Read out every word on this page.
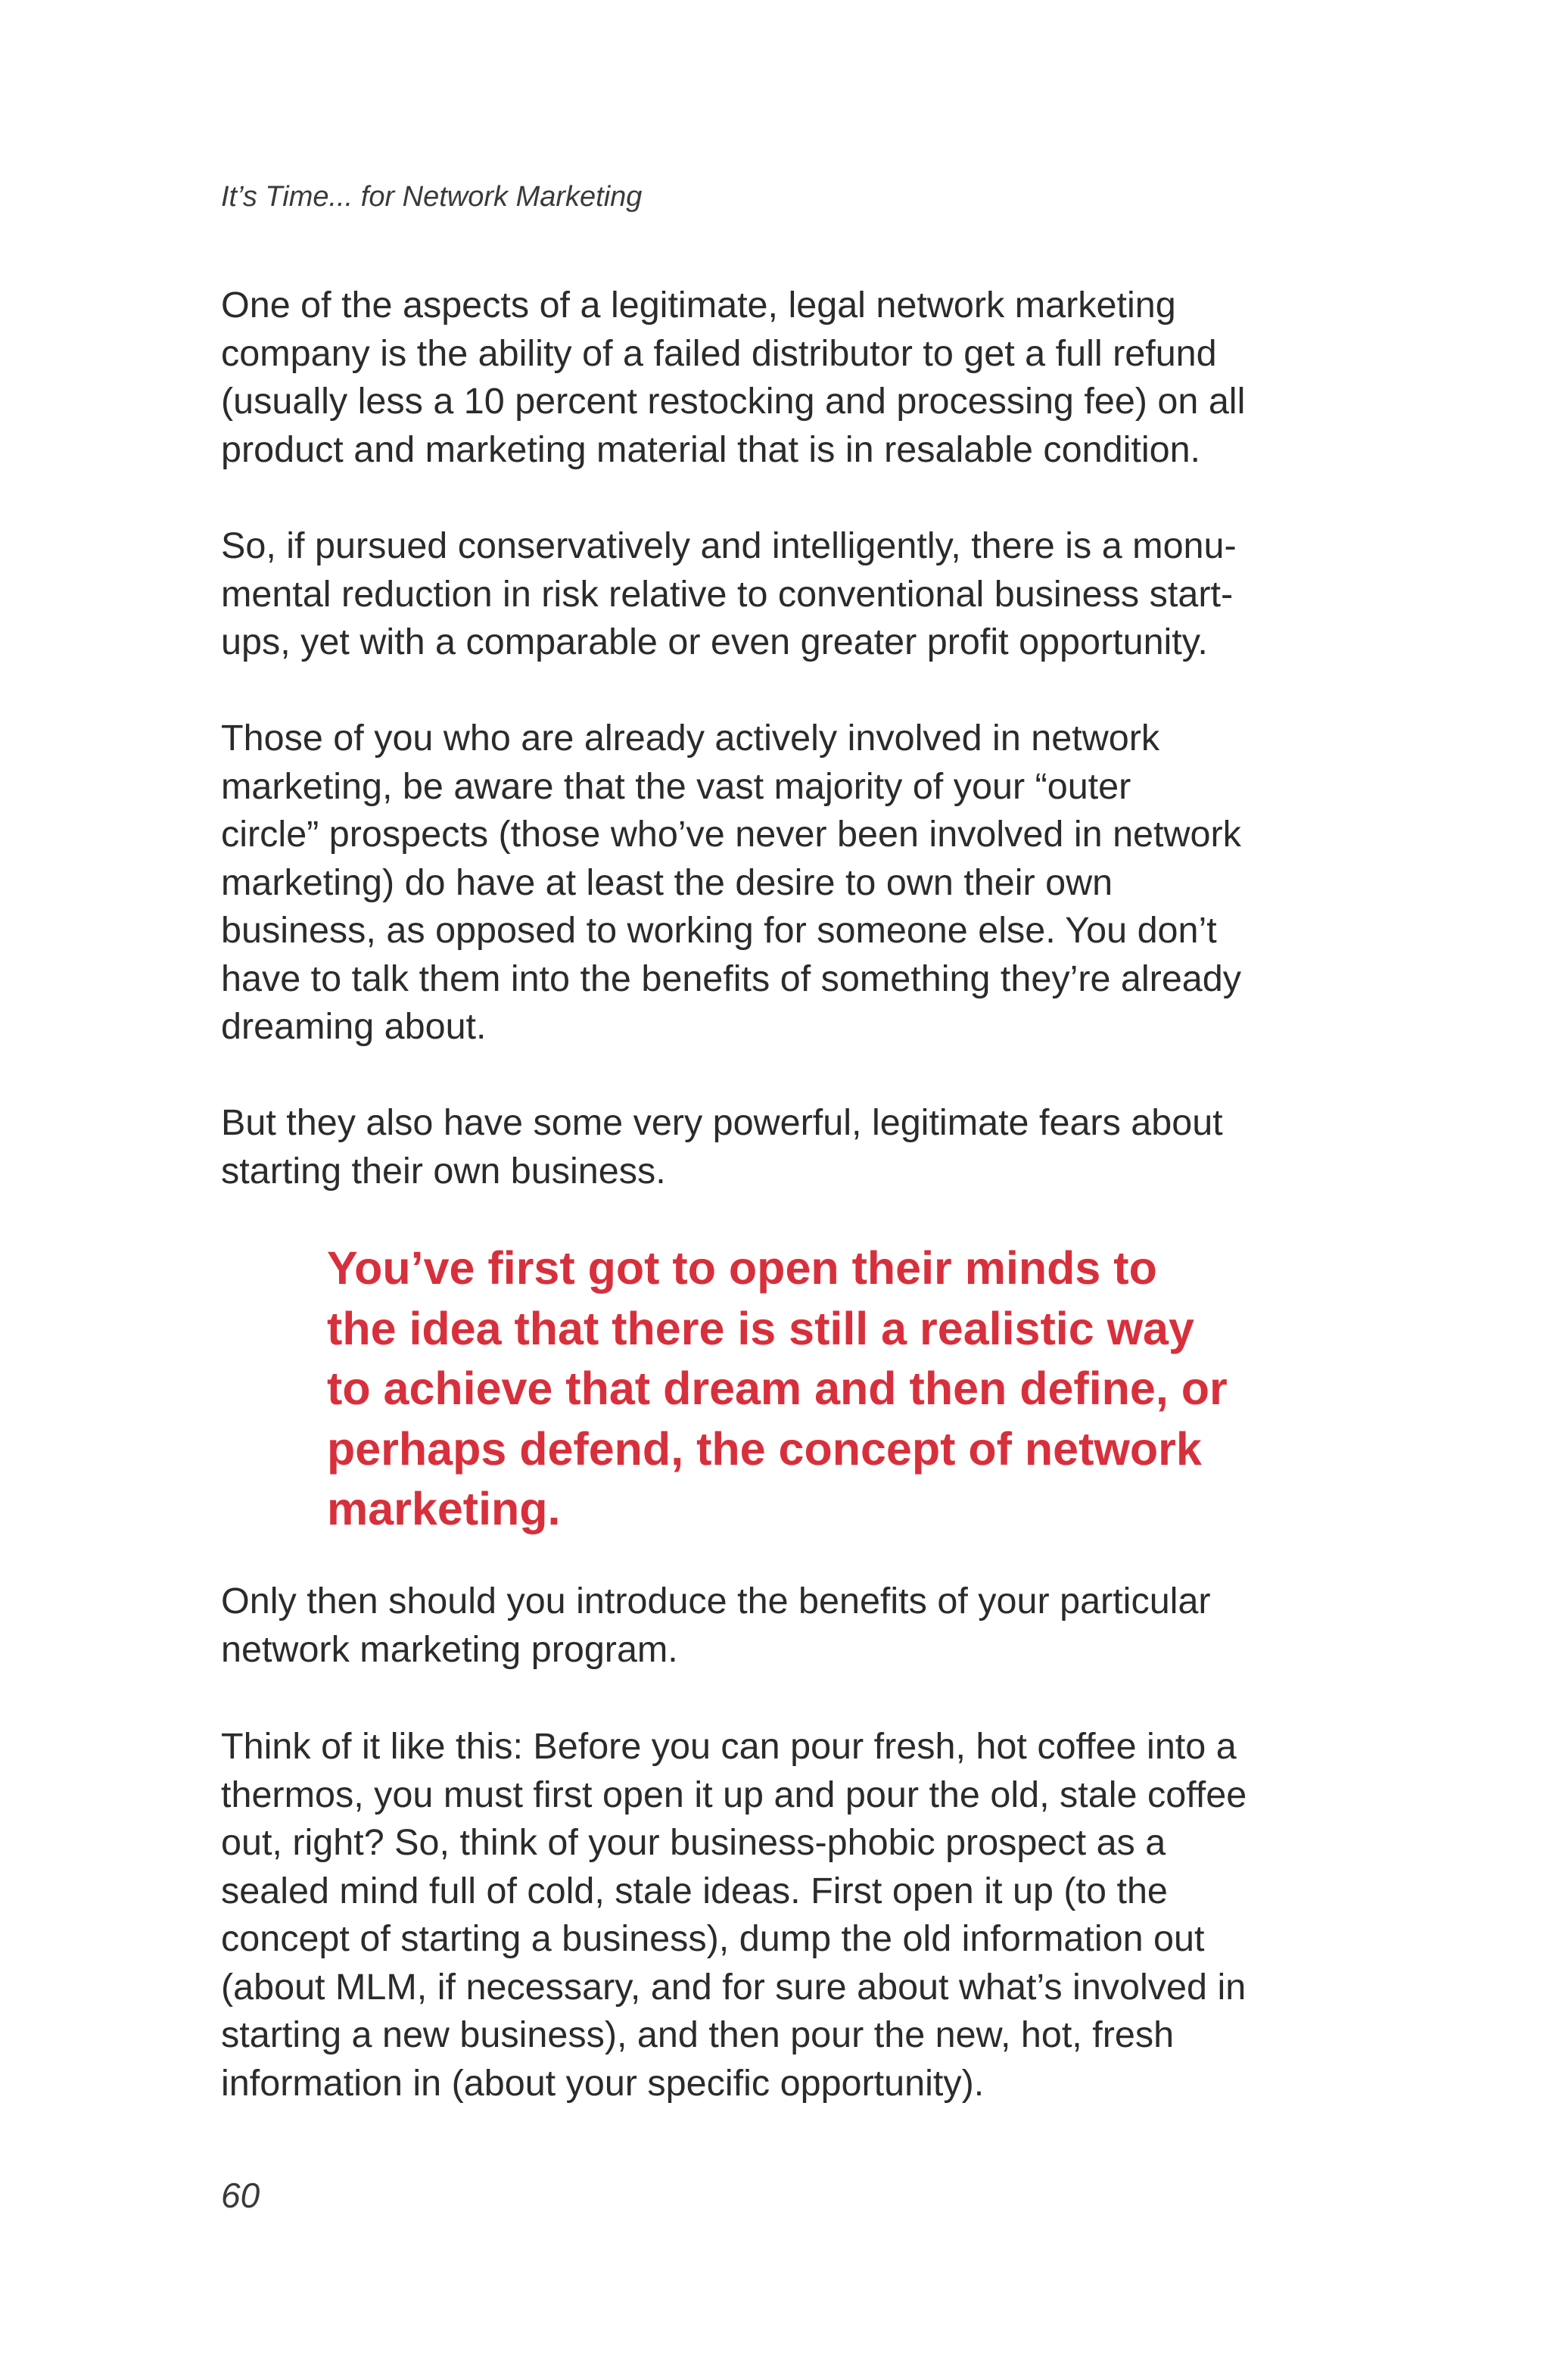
It’s Time... for Network Marketing

One of the aspects of a legitimate, legal network marketing
company is the ability of a failed distributor to get a full refund
(usually less a 10 percent restocking and processing fee) on all
product and marketing material that is in resalable condition.

So, if pursued conservatively and intelligently, there is a monu-
mental reduction in risk relative to conventional business start-
ups, yet with a comparable or even greater profit opportunity.

Those of you who are already actively involved in network
marketing, be aware that the vast majority of your “outer
circle” prospects (those who’ve never been involved in network
marketing) do have at least the desire to own their own
business, as opposed to working for someone else. You don’t
have to talk them into the benefits of something they’re already
dreaming about.

But they also have some very powerful, legitimate fears about
starting their own business.

You’ve first got to open their minds to
the idea that there is still a realistic way
to achieve that dream and then define, or
perhaps defend, the concept of network
marketing.

Only then should you introduce the benefits of your particular
network marketing program.

Think of it like this: Before you can pour fresh, hot coffee into a
thermos, you must first open it up and pour the old, stale coffee
out, right? So, think of your business-phobic prospect as a
sealed mind full of cold, stale ideas. First open it up (to the
concept of starting a business), dump the old information out
(about MLM, if necessary, and for sure about what’s involved in
starting a new business), and then pour the new, hot, fresh
information in (about your specific opportunity).

60
